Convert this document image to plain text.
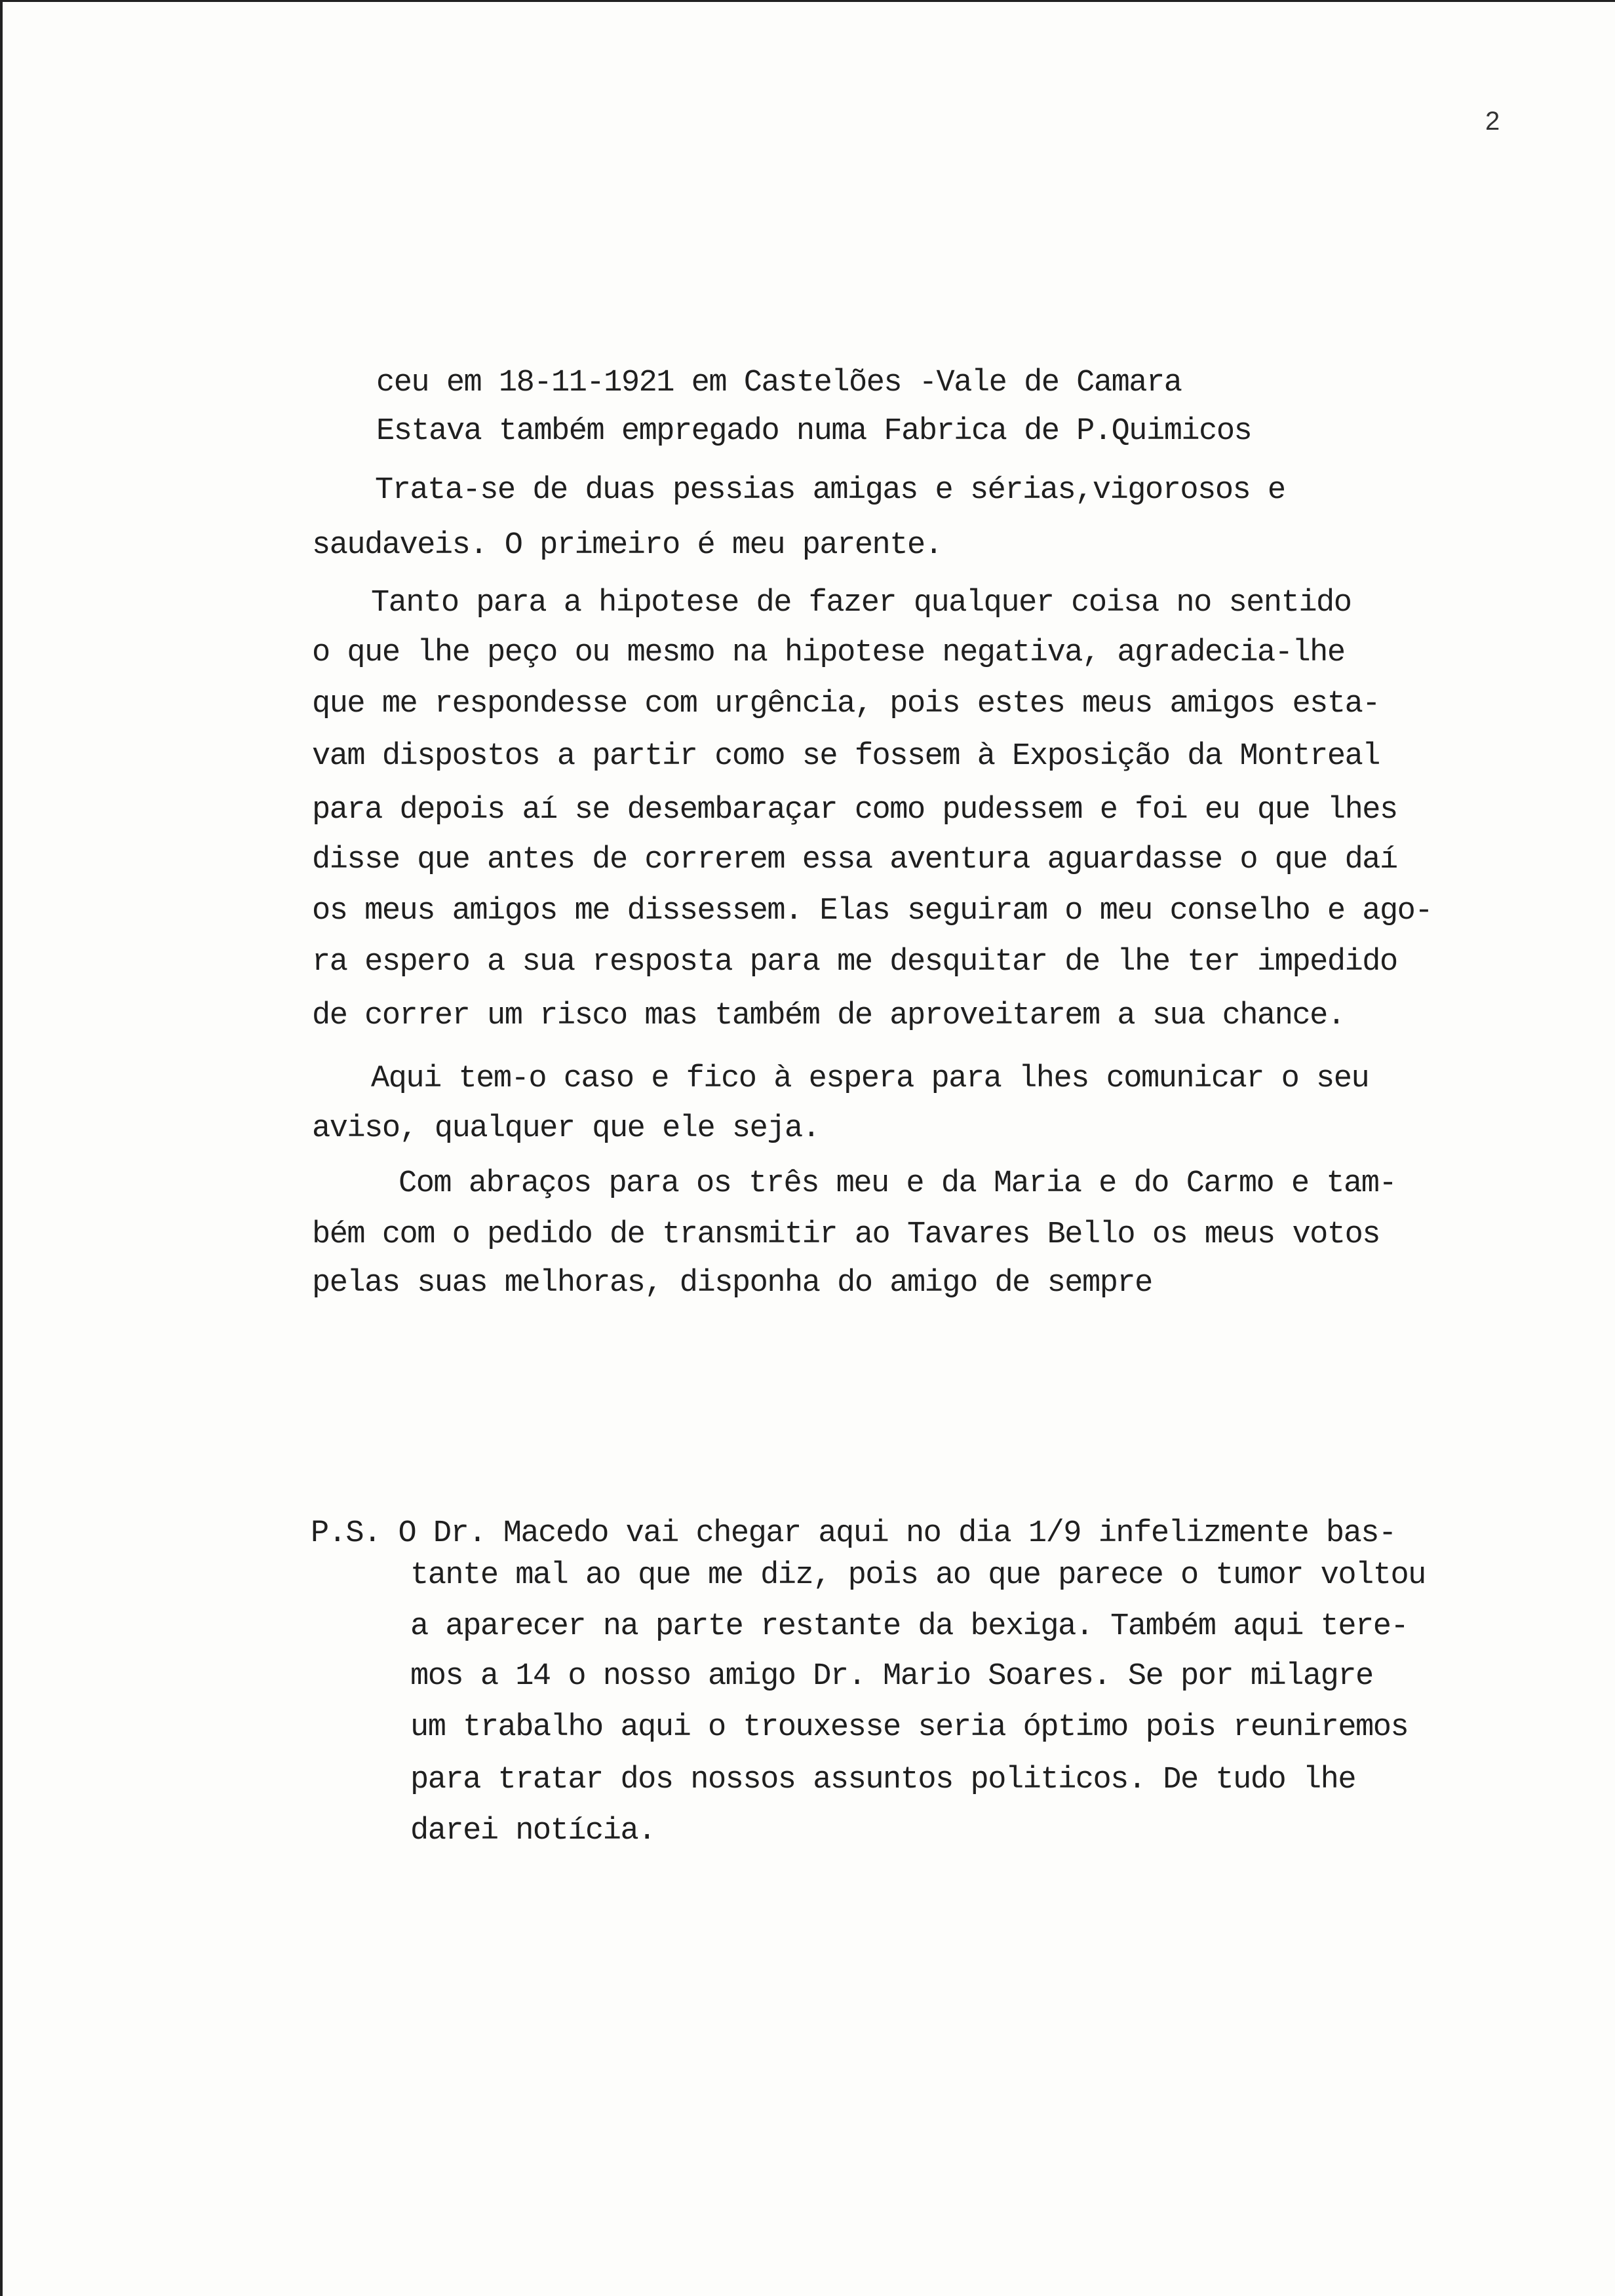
2
ceu em 18-11-1921 em Castelões -Vale de Camara
Estava também empregado numa Fabrica de P.Quimicos
Trata-se de duas pessias amigas e sérias,vigorosos e
saudaveis. O primeiro é meu parente.
Tanto para a hipotese de fazer qualquer coisa no sentido
o que lhe peço ou mesmo na hipotese negativa, agradecia-lhe
que me respondesse com urgência, pois estes meus amigos esta-
vam dispostos a partir como se fossem à Exposição da Montreal
para depois aí se desembaraçar como pudessem e foi eu que lhes
disse que antes de correrem essa aventura aguardasse o que daí
os meus amigos me dissessem. Elas seguiram o meu conselho e ago-
ra espero a sua resposta para me desquitar de lhe ter impedido
de correr um risco mas também de aproveitarem a sua chance.
Aqui tem-o caso e fico à espera para lhes comunicar o seu
aviso, qualquer que ele seja.
Com abraços para os três meu e da Maria e do Carmo e tam-
bém com o pedido de transmitir ao Tavares Bello os meus votos
pelas suas melhoras, disponha do amigo de sempre
P.S. O Dr. Macedo vai chegar aqui no dia 1/9 infelizmente bas-
tante mal ao que me diz, pois ao que parece o tumor voltou
a aparecer na parte restante da bexiga. Também aqui tere-
mos a 14 o nosso amigo Dr. Mario Soares. Se por milagre
um trabalho aqui o trouxesse seria óptimo pois reuniremos
para tratar dos nossos assuntos politicos. De tudo lhe
darei notícia.
